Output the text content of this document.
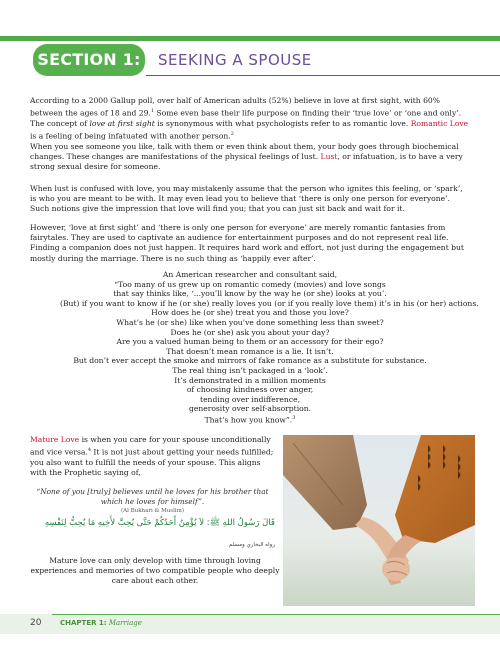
SECTION 1: SEEKING A SPOUSE
According to a 2000 Gallup poll, over half of American adults (52%) believe in love at first sight, with 60% between the ages of 18 and 29.$^1$ Some even base their life purpose on finding their ‘true love’ or ‘one and only’. The concept of love at first sight is synonymous with what psychologists refer to as romantic love. Romantic Love is a feeling of being infatuated with another person.$^2$
When you see someone you like, talk with them or even think about them, your body goes through biochemical changes. These changes are manifestations of the physical feelings of lust. Lust, or infatuation, is to have a very strong sexual desire for someone.
When lust is confused with love, you may mistakenly assume that the person who ignites this feeling, or ‘spark’, is who you are meant to be with. It may even lead you to believe that ‘there is only one person for everyone’. Such notions give the impression that love will find you; that you can just sit back and wait for it.
However, ‘love at first sight’ and ‘there is only one person for everyone’ are merely romantic fantasies from fairytales. They are used to captivate an audience for entertainment purposes and do not represent real life. Finding a companion does not just happen. It requires hard work and effort, not just during the engagement but mostly during the marriage. There is no such thing as ‘happily ever after’.
An American researcher and consultant said,
“Too many of us grew up on romantic comedy (movies) and love songs
that say thinks like, ‘...you’ll know by the way he (or she) looks at you’.
(But) if you want to know if he (or she) really loves you (or if you really love them) it’s in his (or her) actions.
How does he (or she) treat you and those you love?
What’s he (or she) like when you’ve done something less than sweet?
Does he (or she) ask you about your day?
Are you a valued human being to them or an accessory for their ego?
That doesn’t mean romance is a lie. It isn’t.
But don’t ever accept the smoke and mirrors of fake romance as a substitute for substance.
The real thing isn’t packaged in a ‘look’.
It’s demonstrated in a million moments
of choosing kindness over anger,
tending over indifference,
generosity over self-absorption.
That’s how you know”.$^3$
Mature Love is when you care for your spouse unconditionally and vice versa.$^4$ It is not just about getting your needs fulfilled; you also want to fulfill the needs of your spouse. This aligns with the Prophetic saying of,
“None of you [truly] believes until he loves for his brother that which he loves for himself”.
(Al Bukhari & Muslim)
قَالَ رَسُولُ اللهِ ﷺ: لاَ يُؤْمِنُ أَحَدُكُمْ حَتَّى يُحِبَّ لأَخِيهِ مَا يُحِبُّ لِنَفْسِهِ
رواه البخاري ومسلم
Mature love can only develop with time through loving experiences and memories of two compatible people who deeply care about each other.
20	CHAPTER 1: Marriage
